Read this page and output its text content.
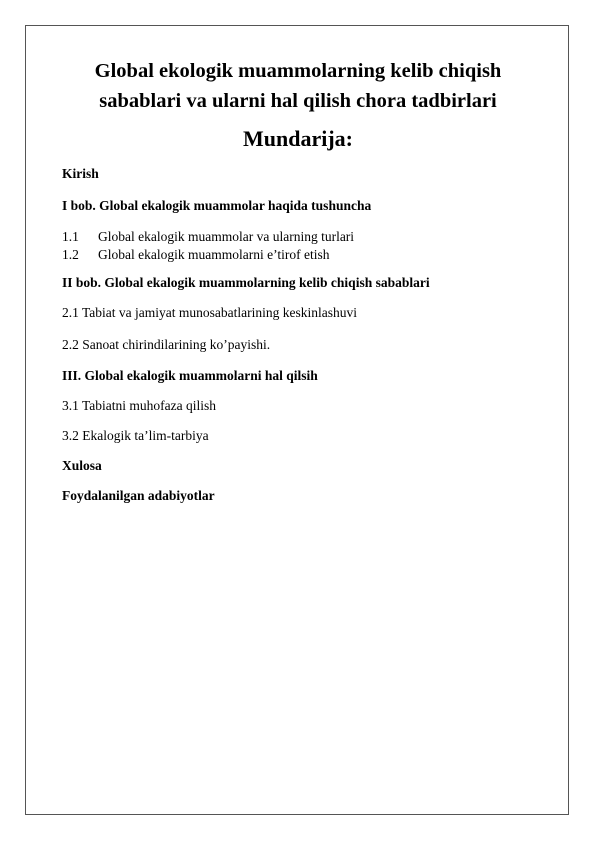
Global ekologik muammolarning kelib chiqish
sabablari va ularni hal qilish chora tadbirlari
Mundarija:
Kirish
I bob. Global ekalogik muammolar haqida tushuncha
1.1 Global ekalogik muammolar va ularning turlari
1.2 Global ekalogik muammolarni e’tirof etish
II bob. Global ekalogik muammolarning kelib chiqish sabablari
2.1 Tabiat va jamiyat munosabatlarining keskinlashuvi
2.2 Sanoat chirindilarining ko’payishi.
III. Global ekalogik muammolarni hal qilsih
3.1 Tabiatni muhofaza qilish
3.2 Ekalogik ta’lim-tarbiya
Xulosa
Foydalanilgan adabiyotlar
